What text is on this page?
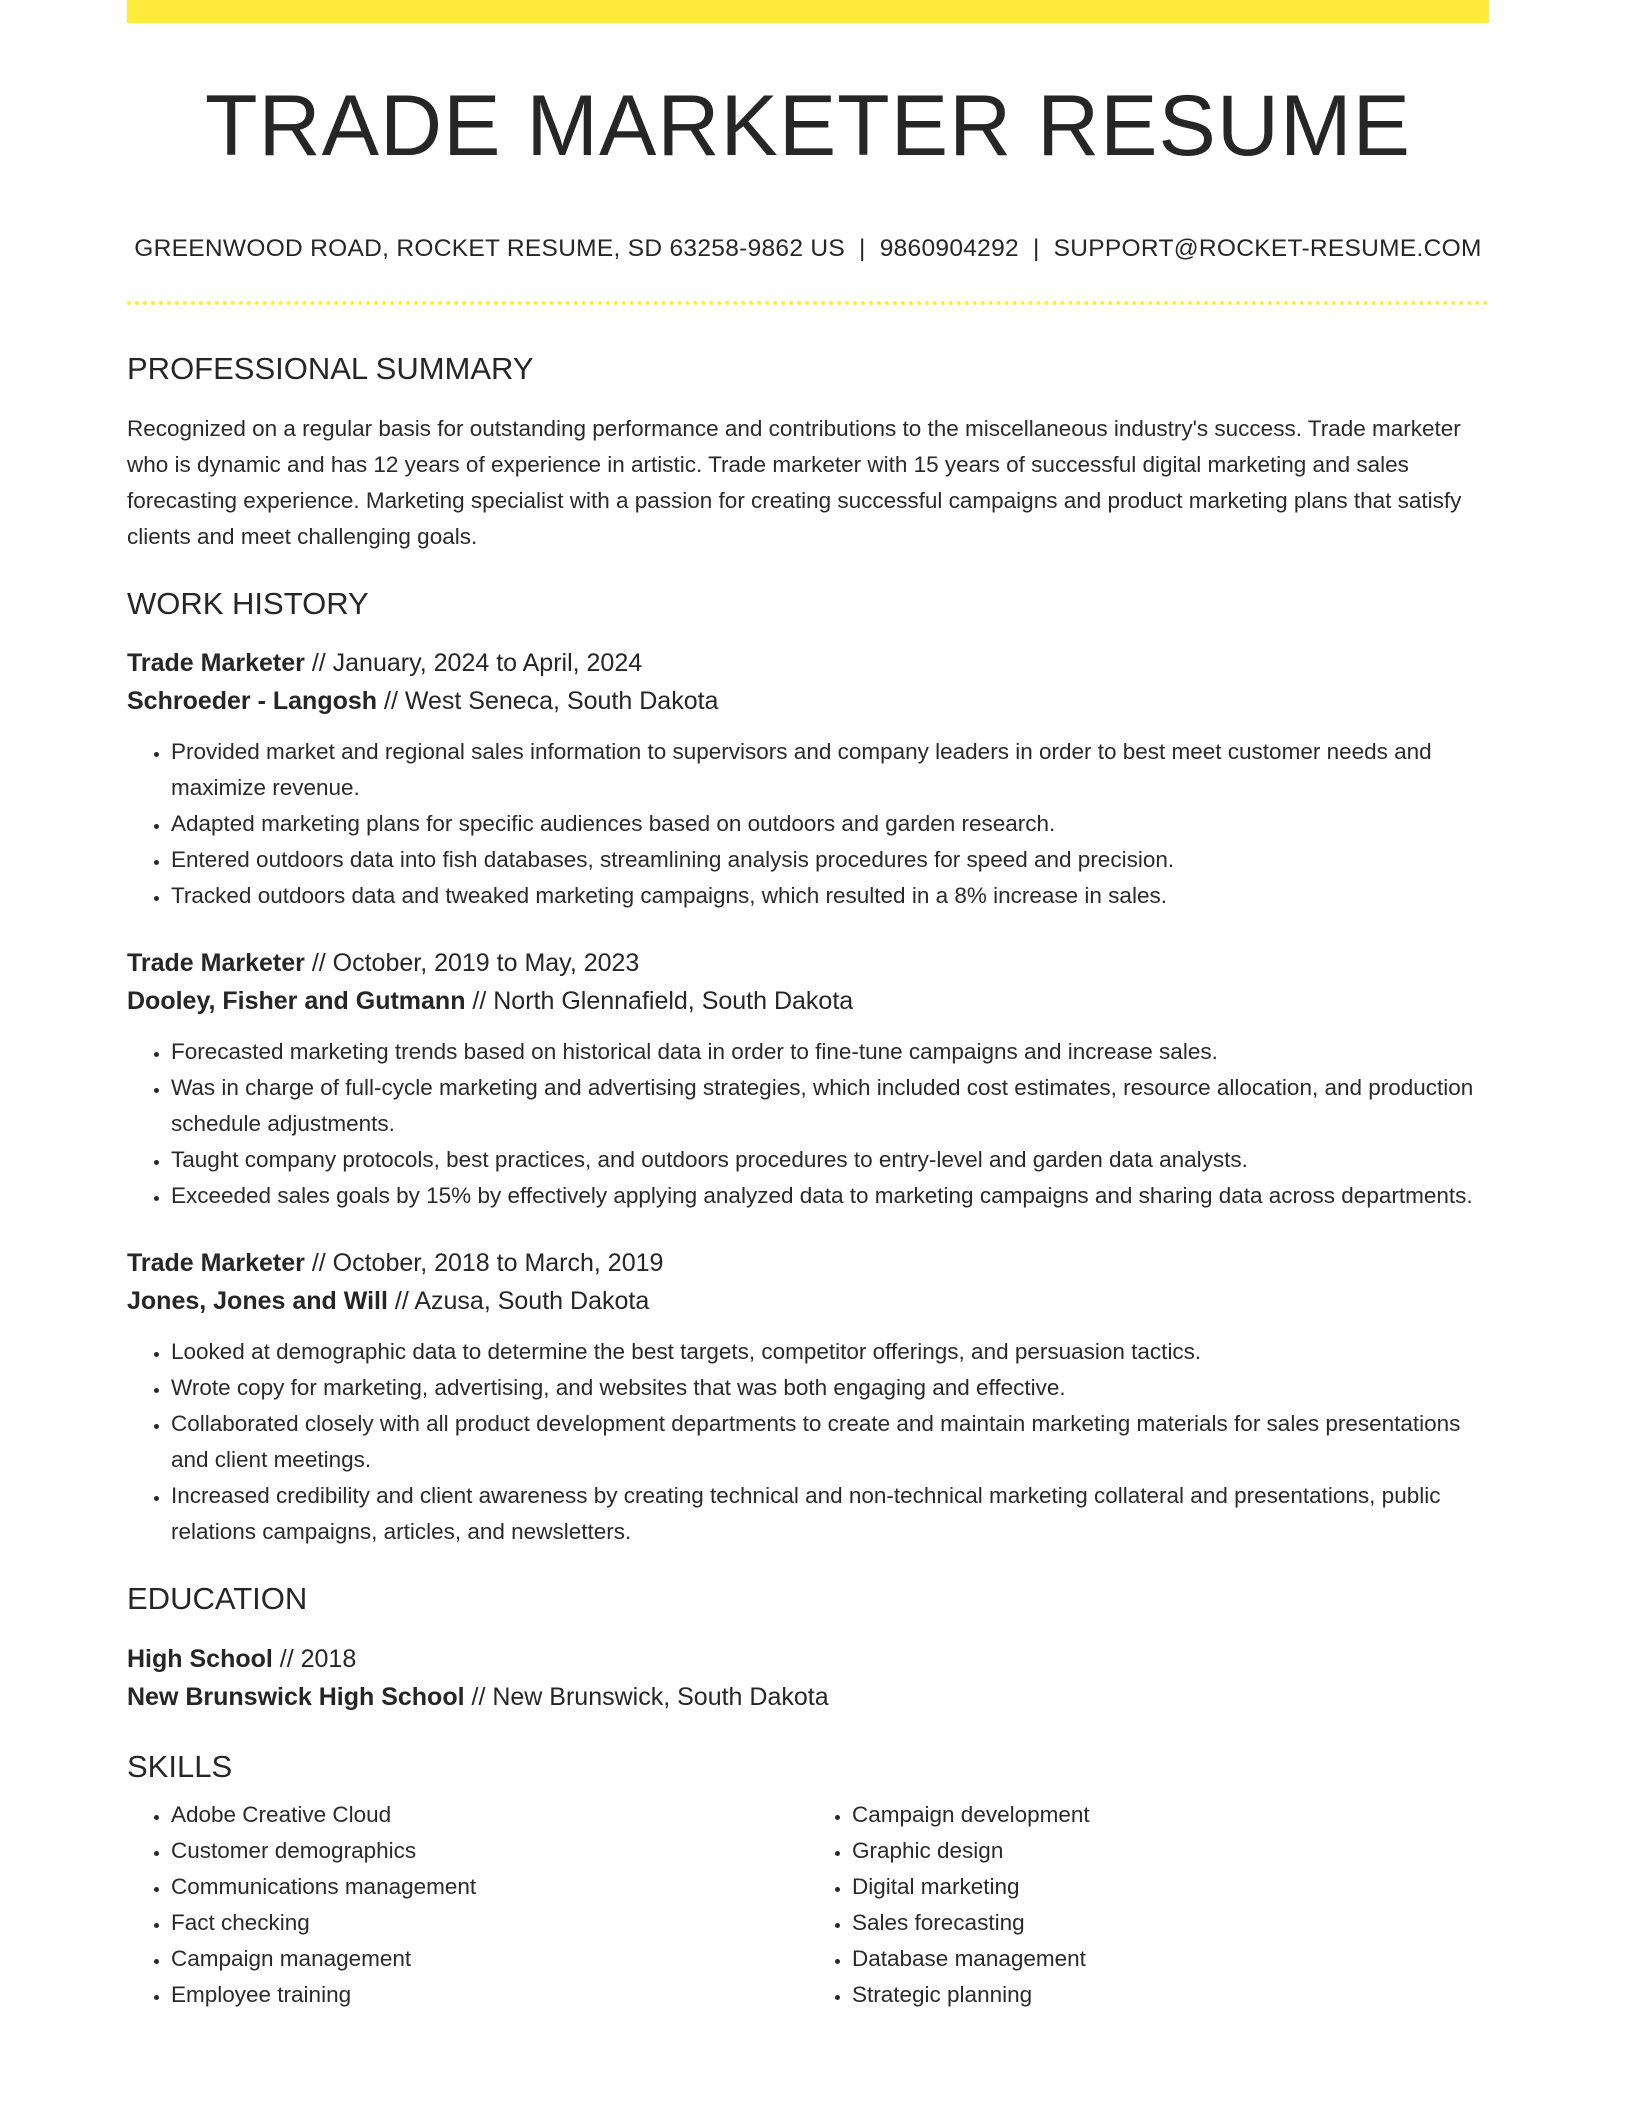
TRADE MARKETER RESUME
GREENWOOD ROAD, ROCKET RESUME, SD 63258-9862 US | 9860904292 | SUPPORT@ROCKET-RESUME.COM
PROFESSIONAL SUMMARY
Recognized on a regular basis for outstanding performance and contributions to the miscellaneous industry's success. Trade marketer who is dynamic and has 12 years of experience in artistic. Trade marketer with 15 years of successful digital marketing and sales forecasting experience. Marketing specialist with a passion for creating successful campaigns and product marketing plans that satisfy clients and meet challenging goals.
WORK HISTORY
Trade Marketer // January, 2024 to April, 2024
Schroeder - Langosh // West Seneca, South Dakota
• Provided market and regional sales information to supervisors and company leaders in order to best meet customer needs and maximize revenue.
• Adapted marketing plans for specific audiences based on outdoors and garden research.
• Entered outdoors data into fish databases, streamlining analysis procedures for speed and precision.
• Tracked outdoors data and tweaked marketing campaigns, which resulted in a 8% increase in sales.
Trade Marketer // October, 2019 to May, 2023
Dooley, Fisher and Gutmann // North Glennafield, South Dakota
• Forecasted marketing trends based on historical data in order to fine-tune campaigns and increase sales.
• Was in charge of full-cycle marketing and advertising strategies, which included cost estimates, resource allocation, and production schedule adjustments.
• Taught company protocols, best practices, and outdoors procedures to entry-level and garden data analysts.
• Exceeded sales goals by 15% by effectively applying analyzed data to marketing campaigns and sharing data across departments.
Trade Marketer // October, 2018 to March, 2019
Jones, Jones and Will // Azusa, South Dakota
• Looked at demographic data to determine the best targets, competitor offerings, and persuasion tactics.
• Wrote copy for marketing, advertising, and websites that was both engaging and effective.
• Collaborated closely with all product development departments to create and maintain marketing materials for sales presentations and client meetings.
• Increased credibility and client awareness by creating technical and non-technical marketing collateral and presentations, public relations campaigns, articles, and newsletters.
EDUCATION
High School // 2018
New Brunswick High School // New Brunswick, South Dakota
SKILLS
• Adobe Creative Cloud
• Customer demographics
• Communications management
• Fact checking
• Campaign management
• Employee training
• Campaign development
• Graphic design
• Digital marketing
• Sales forecasting
• Database management
• Strategic planning
